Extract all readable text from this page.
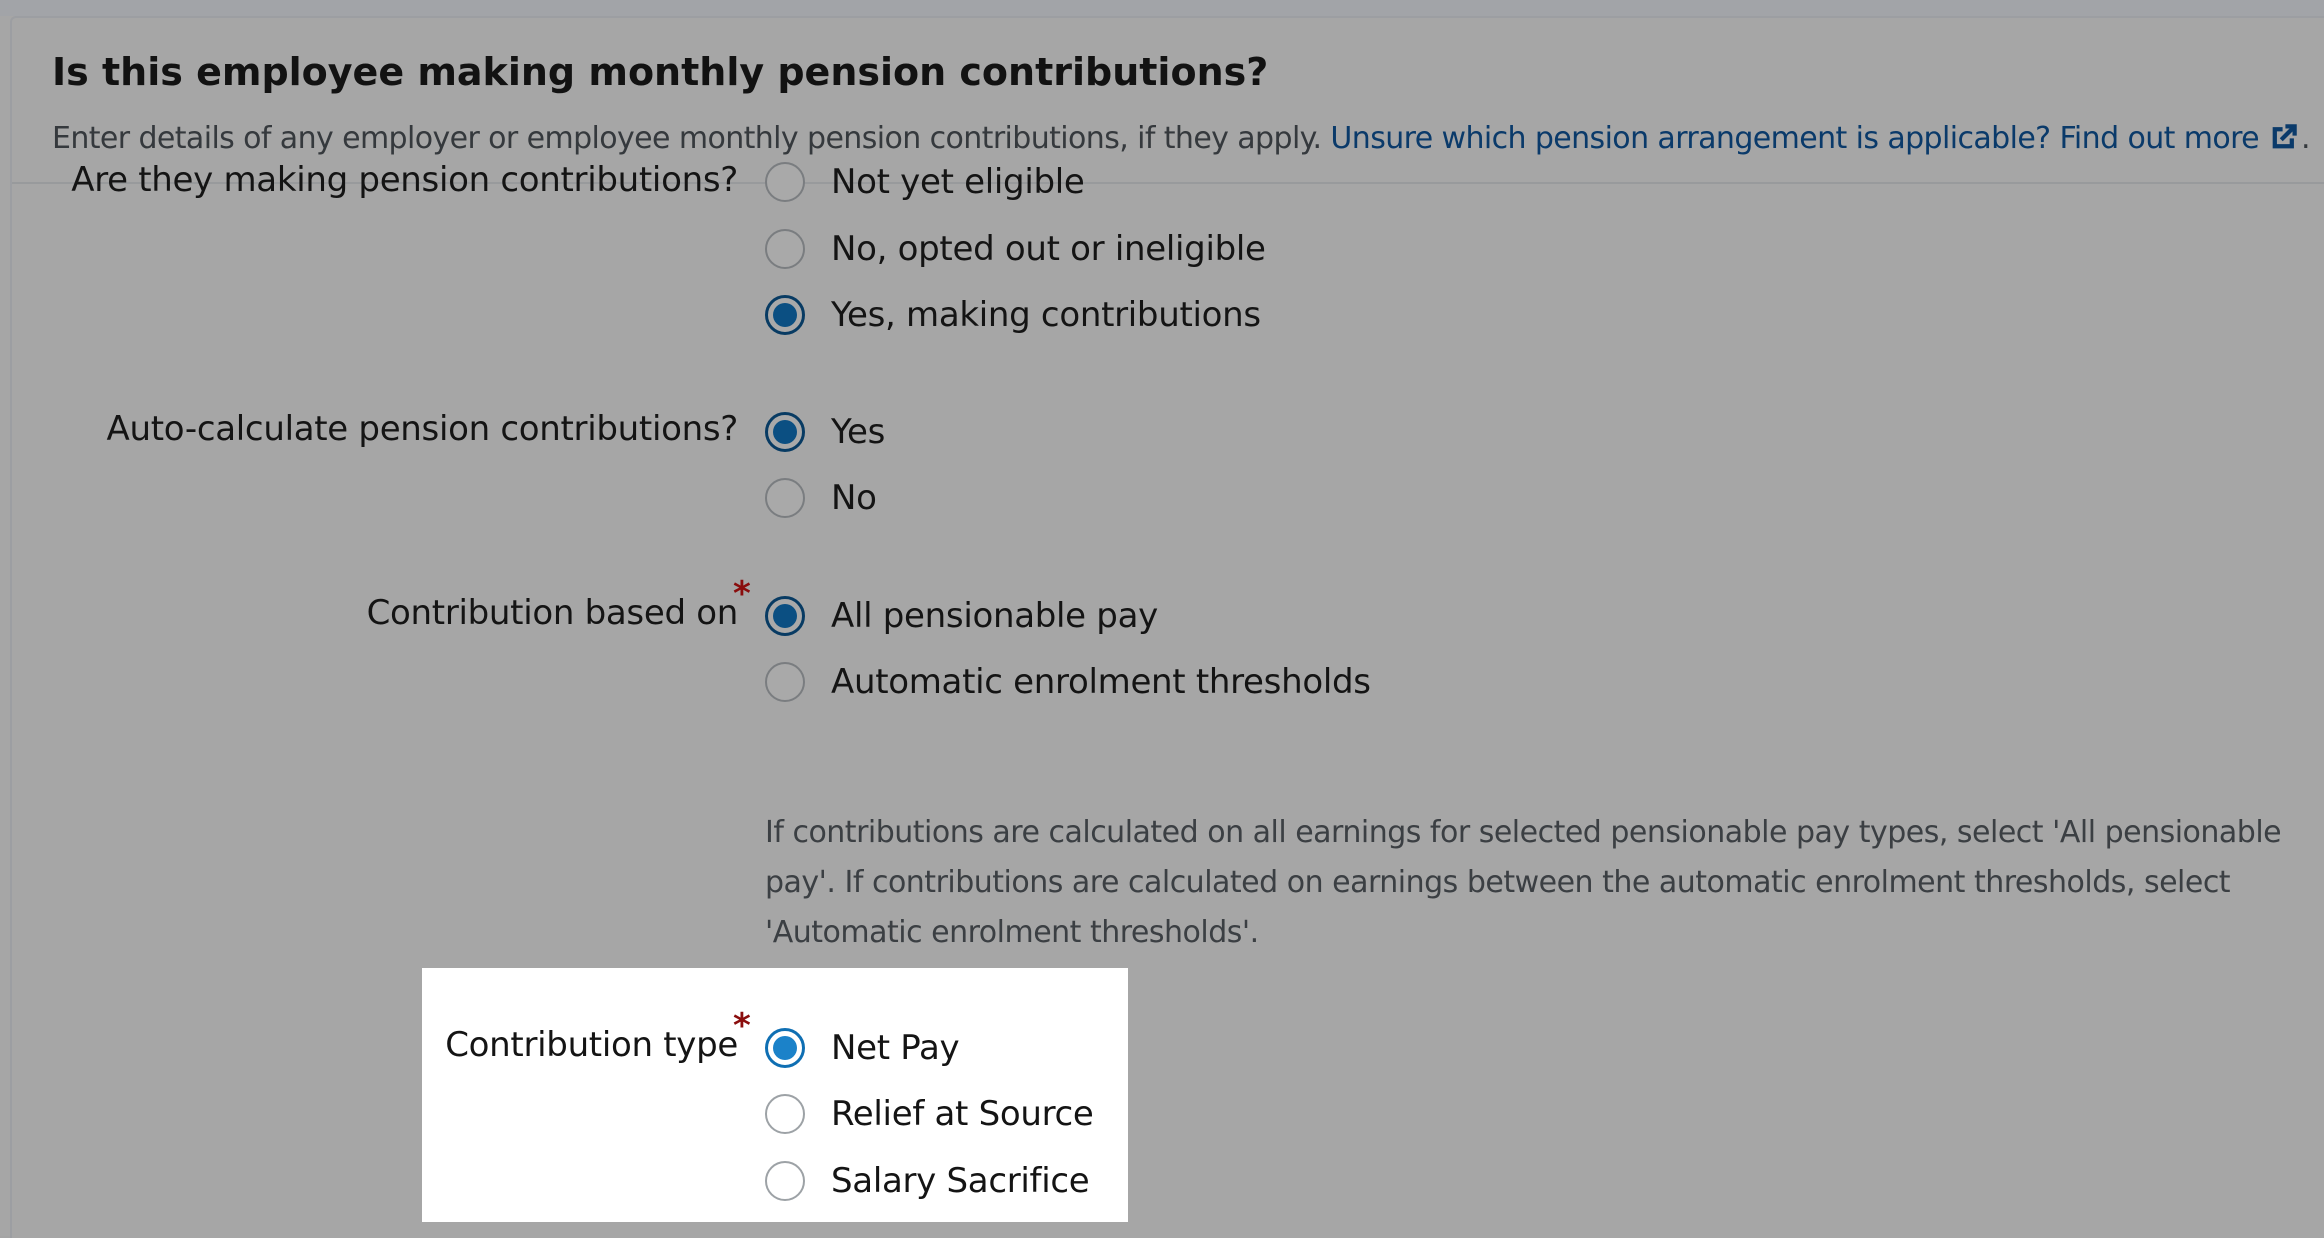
Is this employee making monthly pension contributions?
Enter details of any employer or employee monthly pension contributions, if they apply. Unsure which pension arrangement is applicable? Find out more .
Are they making pension contributions?	Not yet eligible
No, opted out or ineligible
Yes, making contributions
Auto-calculate pension contributions?	Yes
No
Contribution based on
*
All pensionable pay
Automatic enrolment thresholds
If contributions are calculated on all earnings for selected pensionable pay types, select 'All pensionable pay'. If contributions are calculated on earnings between the automatic enrolment thresholds, select 'Automatic enrolment thresholds'.
Contribution type
*
Net Pay
Relief at Source
Salary Sacrifice
